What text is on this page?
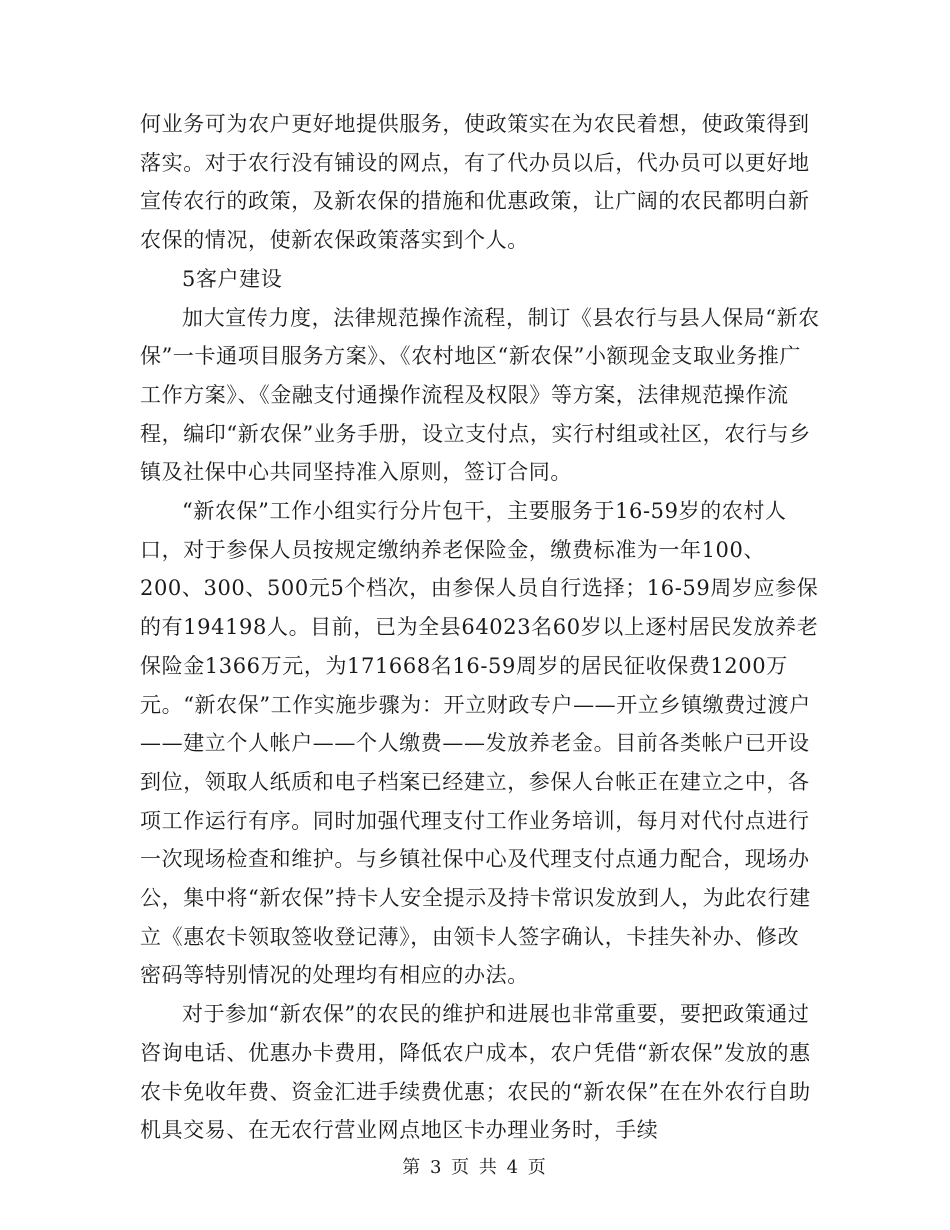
何业务可为农户更好地提供服务，使政策实在为农民着想，使政策得到落实。对于农行没有铺设的网点，有了代办员以后，代办员可以更好地宣传农行的政策，及新农保的措施和优惠政策，让广阔的农民都明白新农保的情况，使新农保政策落实到个人。

5客户建设

加大宣传力度，法律规范操作流程，制订《县农行与县人保局“新农保”一卡通项目服务方案》、《农村地区“新农保”小额现金支取业务推广工作方案》、《金融支付通操作流程及权限》等方案，法律规范操作流程，编印“新农保”业务手册，设立支付点，实行村组或社区，农行与乡镇及社保中心共同坚持准入原则，签订合同。

“新农保”工作小组实行分片包干，主要服务于16-59岁的农村人口，对于参保人员按规定缴纳养老保险金，缴费标准为一年100、200、300、500元5个档次，由参保人员自行选择；16-59周岁应参保的有194198人。目前，已为全县64023名60岁以上逐村居民发放养老保险金1366万元，为171668名16-59周岁的居民征收保费1200万元。“新农保”工作实施步骤为：开立财政专户——开立乡镇缴费过渡户——建立个人帐户——个人缴费——发放养老金。目前各类帐户已开设到位，领取人纸质和电子档案已经建立，参保人台帐正在建立之中，各项工作运行有序。同时加强代理支付工作业务培训，每月对代付点进行一次现场检查和维护。与乡镇社保中心及代理支付点通力配合，现场办公，集中将“新农保”持卡人安全提示及持卡常识发放到人，为此农行建立《惠农卡领取签收登记薄》，由领卡人签字确认，卡挂失补办、修改密码等特别情况的处理均有相应的办法。

对于参加“新农保”的农民的维护和进展也非常重要，要把政策通过咨询电话、优惠办卡费用，降低农户成本，农户凭借“新农保”发放的惠农卡免收年费、资金汇进手续费优惠；农民的“新农保”在在外农行自助机具交易、在无农行营业网点地区卡办理业务时，手续

第 3 页 共 4 页
